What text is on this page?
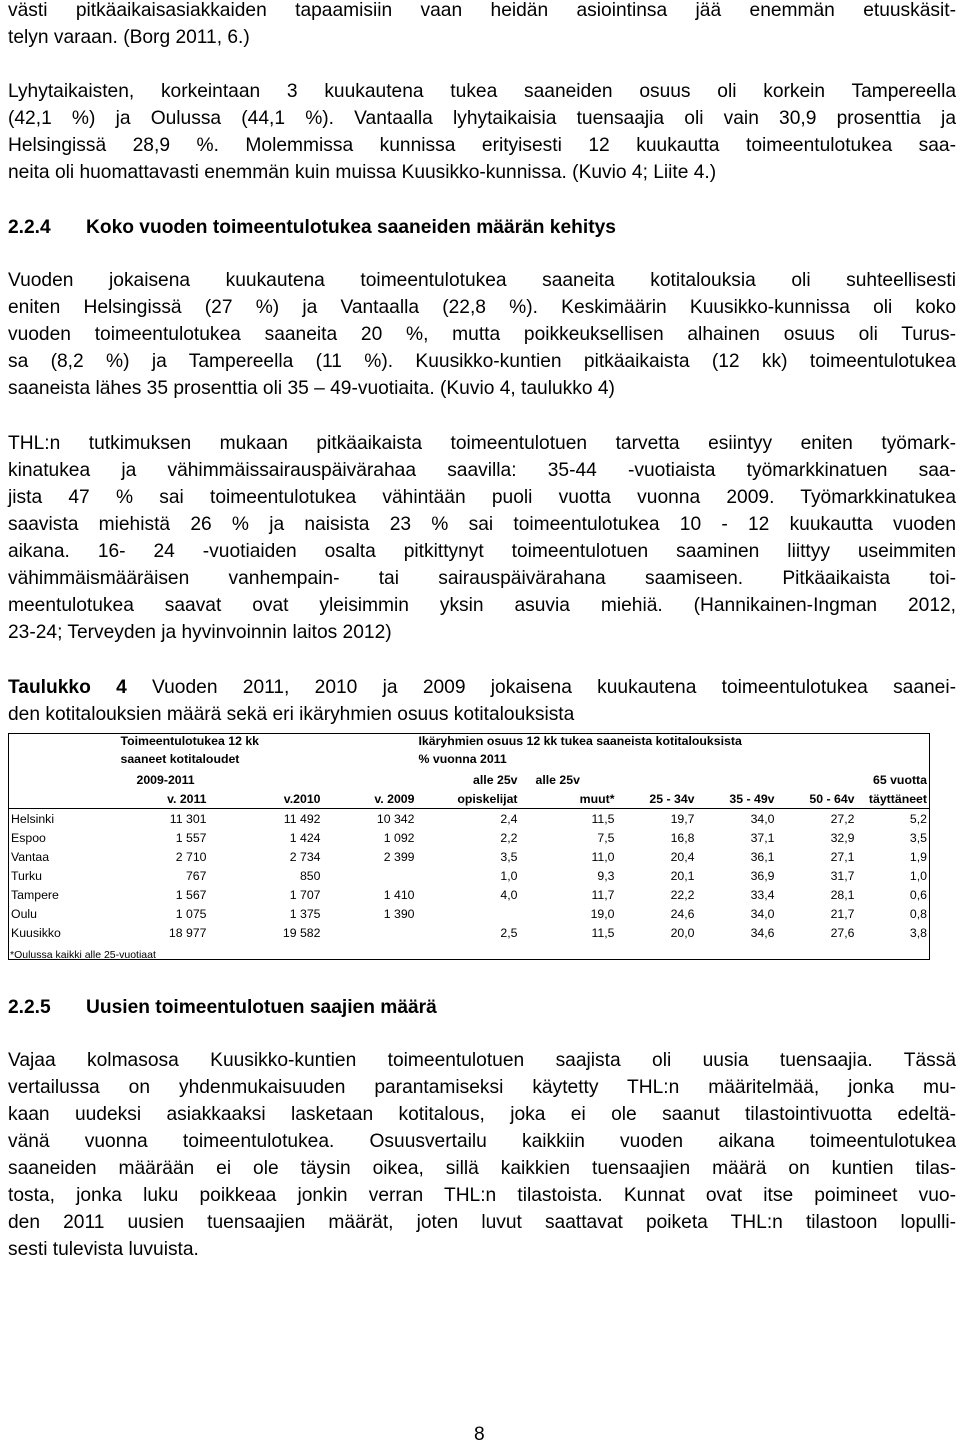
västi pitkäaikaisasiakkaiden tapaamisiin vaan heidän asiointinsa jää enemmän etuuskäsit-
telyn varaan. (Borg 2011, 6.)
Lyhytaikaisten, korkeintaan 3 kuukautena tukea saaneiden osuus oli korkein Tampereella
(42,1 %) ja Oulussa (44,1 %). Vantaalla lyhytaikaisia tuensaajia oli vain 30,9 prosenttia ja
Helsingissä 28,9 %. Molemmissa kunnissa erityisesti 12 kuukautta toimeentulotukea saa-
neita oli huomattavasti enemmän kuin muissa Kuusikko-kunnissa. (Kuvio 4; Liite 4.)
2.2.4 Koko vuoden toimeentulotukea saaneiden määrän kehitys
Vuoden jokaisena kuukautena toimeentulotukea saaneita kotitalouksia oli suhteellisesti
eniten Helsingissä (27 %) ja Vantaalla (22,8 %). Keskimäärin Kuusikko-kunnissa oli koko
vuoden toimeentulotukea saaneita 20 %, mutta poikkeuksellisen alhainen osuus oli Turus-
sa (8,2 %) ja Tampereella (11 %). Kuusikko-kuntien pitkäaikaista (12 kk) toimeentulotukea
saaneista lähes 35 prosenttia oli 35 – 49-vuotiaita. (Kuvio 4, taulukko 4)
THL:n tutkimuksen mukaan pitkäaikaista toimeentulotuen tarvetta esiintyy eniten työmark-
kinatukea ja vähimmäissairauspäivärahaa saavilla: 35-44 -vuotiaista työmarkkinatuen saa-
jista 47 % sai toimeentulotukea vähintään puoli vuotta vuonna 2009. Työmarkkinatukea
saavista miehistä 26 % ja naisista 23 % sai toimeentulotukea 10 - 12 kuukautta vuoden
aikana. 16- 24 -vuotiaiden osalta pitkittynyt toimeentulotuen saaminen liittyy useimmiten
vähimmäismääräisen vanhempain- tai sairauspäivärahana saamiseen. Pitkäaikaista toi-
meentulotukea saavat ovat yleisimmin yksin asuvia miehiä. (Hannikainen-Ingman 2012,
23-24; Terveyden ja hyvinvoinnin laitos 2012)
Taulukko 4 Vuoden 2011, 2010 ja 2009 jokaisena kuukautena toimeentulotukea saanei-
den kotitalouksien määrä sekä eri ikäryhmien osuus kotitalouksista
	Toimeentulotukea 12 kk			Ikäryhmien osuus 12 kk tukea saaneista kotitalouksista					
	saaneet kotitaloudet			% vuonna 2011					
	2009-2011			alle 25v	alle 25v				65 vuotta
	v. 2011	v.2010	v. 2009	opiskelijat	muut*	25 - 34v	35 - 49v	50 - 64v	täyttäneet
Helsinki	11 301	11 492	10 342	2,4	11,5	19,7	34,0	27,2	5,2
Espoo	1 557	1 424	1 092	2,2	7,5	16,8	37,1	32,9	3,5
Vantaa	2 710	2 734	2 399	3,5	11,0	20,4	36,1	27,1	1,9
Turku	767	850		1,0	9,3	20,1	36,9	31,7	1,0
Tampere	1 567	1 707	1 410	4,0	11,7	22,2	33,4	28,1	0,6
Oulu	1 075	1 375	1 390		19,0	24,6	34,0	21,7	0,8
Kuusikko	18 977	19 582		2,5	11,5	20,0	34,6	27,6	3,8

*Oulussa kaikki alle 25-vuotiaat
2.2.5 Uusien toimeentulotuen saajien määrä
Vajaa kolmasosa Kuusikko-kuntien toimeentulotuen saajista oli uusia tuensaajia. Tässä
vertailussa on yhdenmukaisuuden parantamiseksi käytetty THL:n määritelmää, jonka mu-
kaan uudeksi asiakkaaksi lasketaan kotitalous, joka ei ole saanut tilastointivuotta edeltä-
vänä vuonna toimeentulotukea. Osuusvertailu kaikkiin vuoden aikana toimeentulotukea
saaneiden määrään ei ole täysin oikea, sillä kaikkien tuensaajien määrä on kuntien tilas-
tosta, jonka luku poikkeaa jonkin verran THL:n tilastoista. Kunnat ovat itse poimineet vuo-
den 2011 uusien tuensaajien määrät, joten luvut saattavat poiketa THL:n tilastoon lopulli-
sesti tulevista luvuista.
8
